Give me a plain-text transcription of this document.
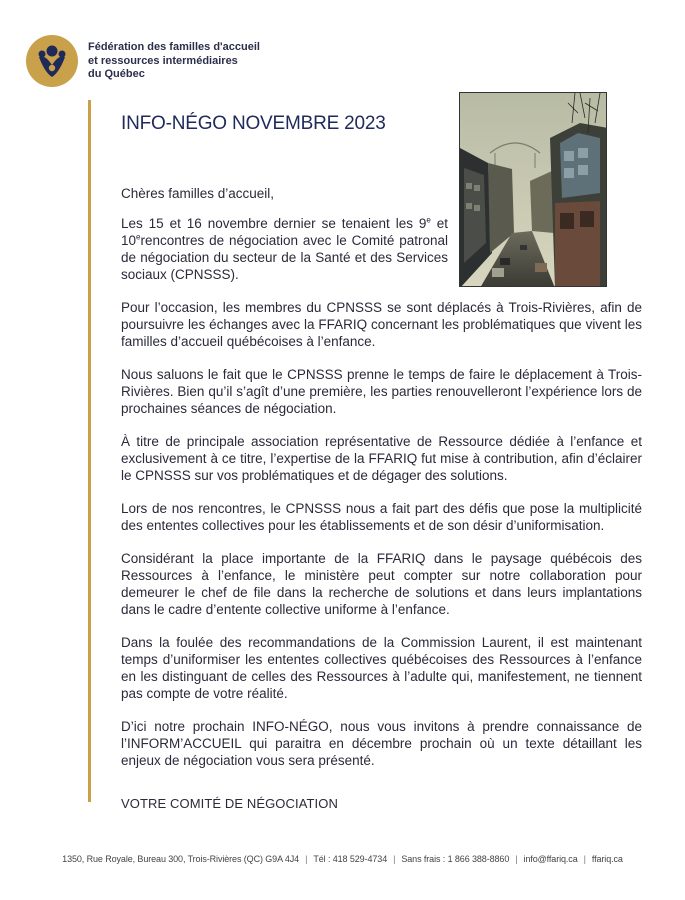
Fédération des familles d'accueil
et ressources intermédiaires
du Québec
INFO-NÉGO NOVEMBRE 2023

Chères familles d’accueil,

Les 15 et 16 novembre dernier se tenaient les 9e et 10erencontres de négociation avec le Comité patronal de négociation du secteur de la Santé et des Services sociaux (CPNSSS).

Pour l’occasion, les membres du CPNSSS se sont déplacés à Trois-Rivières, afin de poursuivre les échanges avec la FFARIQ concernant les problématiques que vivent les familles d’accueil québécoises à l’enfance.

Nous saluons le fait que le CPNSSS prenne le temps de faire le déplacement à Trois-Rivières. Bien qu’il s’agît d’une première, les parties renouvelleront l’expérience lors de prochaines séances de négociation.

À titre de principale association représentative de Ressource dédiée à l’enfance et exclusivement à ce titre, l’expertise de la FFARIQ fut mise à contribution, afin d’éclairer le CPNSSS sur vos problématiques et de dégager des solutions.

Lors de nos rencontres, le CPNSSS nous a fait part des défis que pose la multiplicité des ententes collectives pour les établissements et de son désir d’uniformisation.

Considérant la place importante de la FFARIQ dans le paysage québécois des Ressources à l’enfance, le ministère peut compter sur notre collaboration pour demeurer le chef de file dans la recherche de solutions et dans leurs implantations dans le cadre d’entente collective uniforme à l’enfance.

Dans la foulée des recommandations de la Commission Laurent, il est maintenant temps d’uniformiser les ententes collectives québécoises des Ressources à l’enfance en les distinguant de celles des Ressources à l’adulte qui, manifestement, ne tiennent pas compte de votre réalité.

D’ici notre prochain INFO-NÉGO, nous vous invitons à prendre connaissance de l’INFORM’ACCUEIL qui paraitra en décembre prochain où un texte détaillant les enjeux de négociation vous sera présenté.

VOTRE COMITÉ DE NÉGOCIATION
1350, Rue Royale, Bureau 300, Trois-Rivières (QC) G9A 4J4 | Tél : 418 529-4734 | Sans frais : 1 866 388-8860 | info@ffariq.ca | ffariq.ca
